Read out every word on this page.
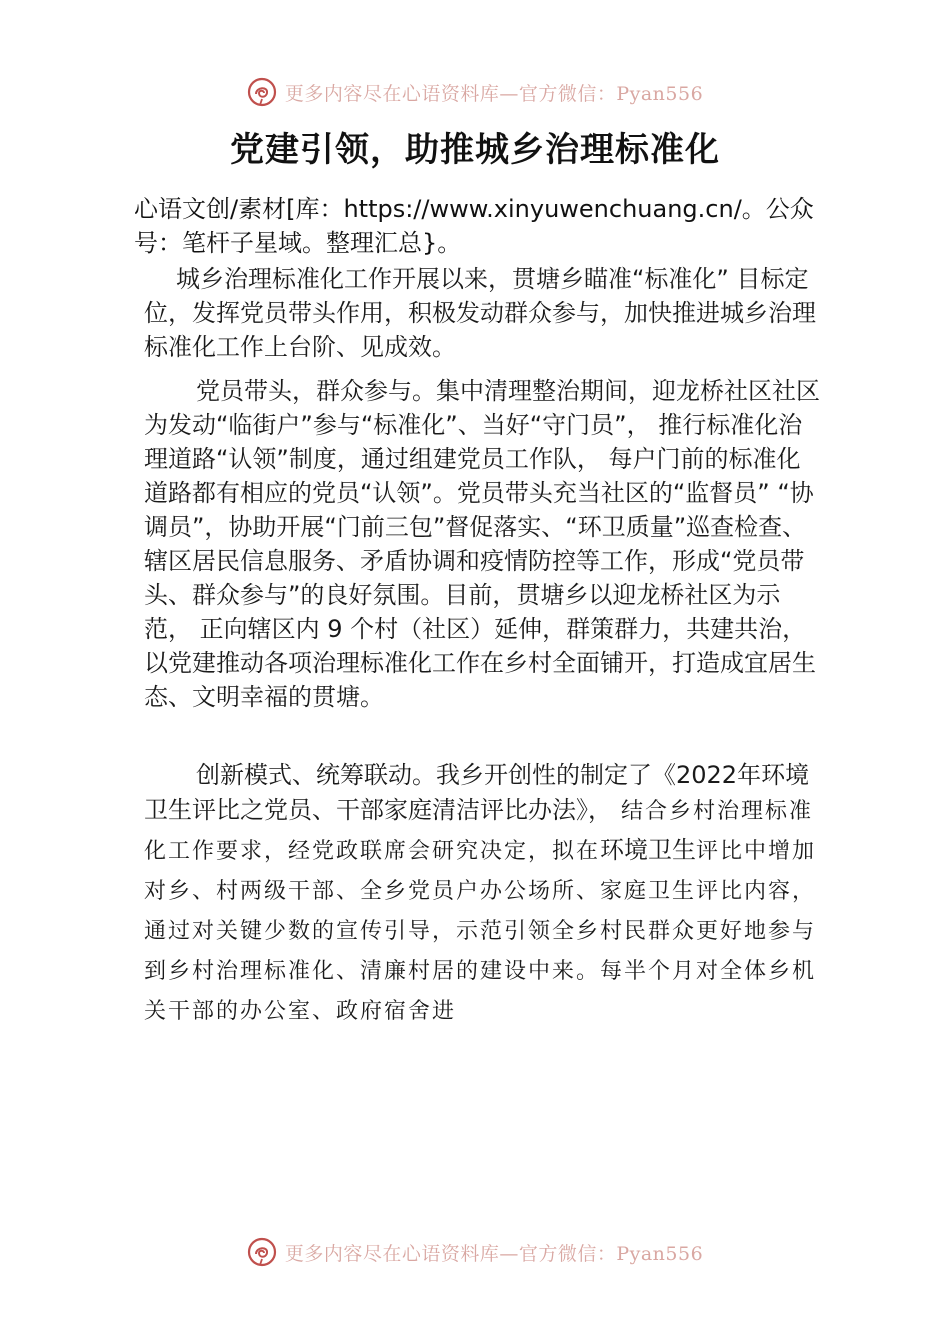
更多内容尽在心语资料库—官方微信：Pyan556
党建引领，助推城乡治理标准化
心语文创/素材[库：https://www.xinyuwenchuang.cn/。公众号：笔杆子星域。整理汇总}。

城乡治理标准化工作开展以来，贯塘乡瞄准“标准化” 目标定位，发挥党员带头作用，积极发动群众参与，加快推进城乡治理标准化工作上台阶、见成效。

党员带头，群众参与。集中清理整治期间，迎龙桥社区社区为发动“临街户”参与“标准化”、当好“守门员”， 推行标准化治理道路“认领”制度，通过组建党员工作队， 每户门前的标准化道路都有相应的党员“认领”。党员带头充当社区的“监督员” “协调员”，协助开展“门前三包”督促落实、“环卫质量”巡查检查、辖区居民信息服务、矛盾协调和疫情防控等工作，形成“党员带头、群众参与”的良好氛围。目前，贯塘乡以迎龙桥社区为示范， 正向辖区内 9 个村（社区）延伸，群策群力，共建共治， 以党建推动各项治理标准化工作在乡村全面铺开，打造成宜居生态、文明幸福的贯塘。

创新模式、统筹联动。我乡开创性的制定了《2022年环境卫生评比之党员、干部家庭清洁评比办法》， 结合乡村治理标准化工作要求，经党政联席会研究决定，拟在环境卫生评比中增加对乡、村两级干部、全乡党员户办公场所、家庭卫生评比内容，通过对关键少数的宣传引导，示范引领全乡村民群众更好地参与到乡村治理标准化、清廉村居的建设中来。每半个月对全体乡机关干部的办公室、政府宿舍进

更多内容尽在心语资料库—官方微信：Pyan556
